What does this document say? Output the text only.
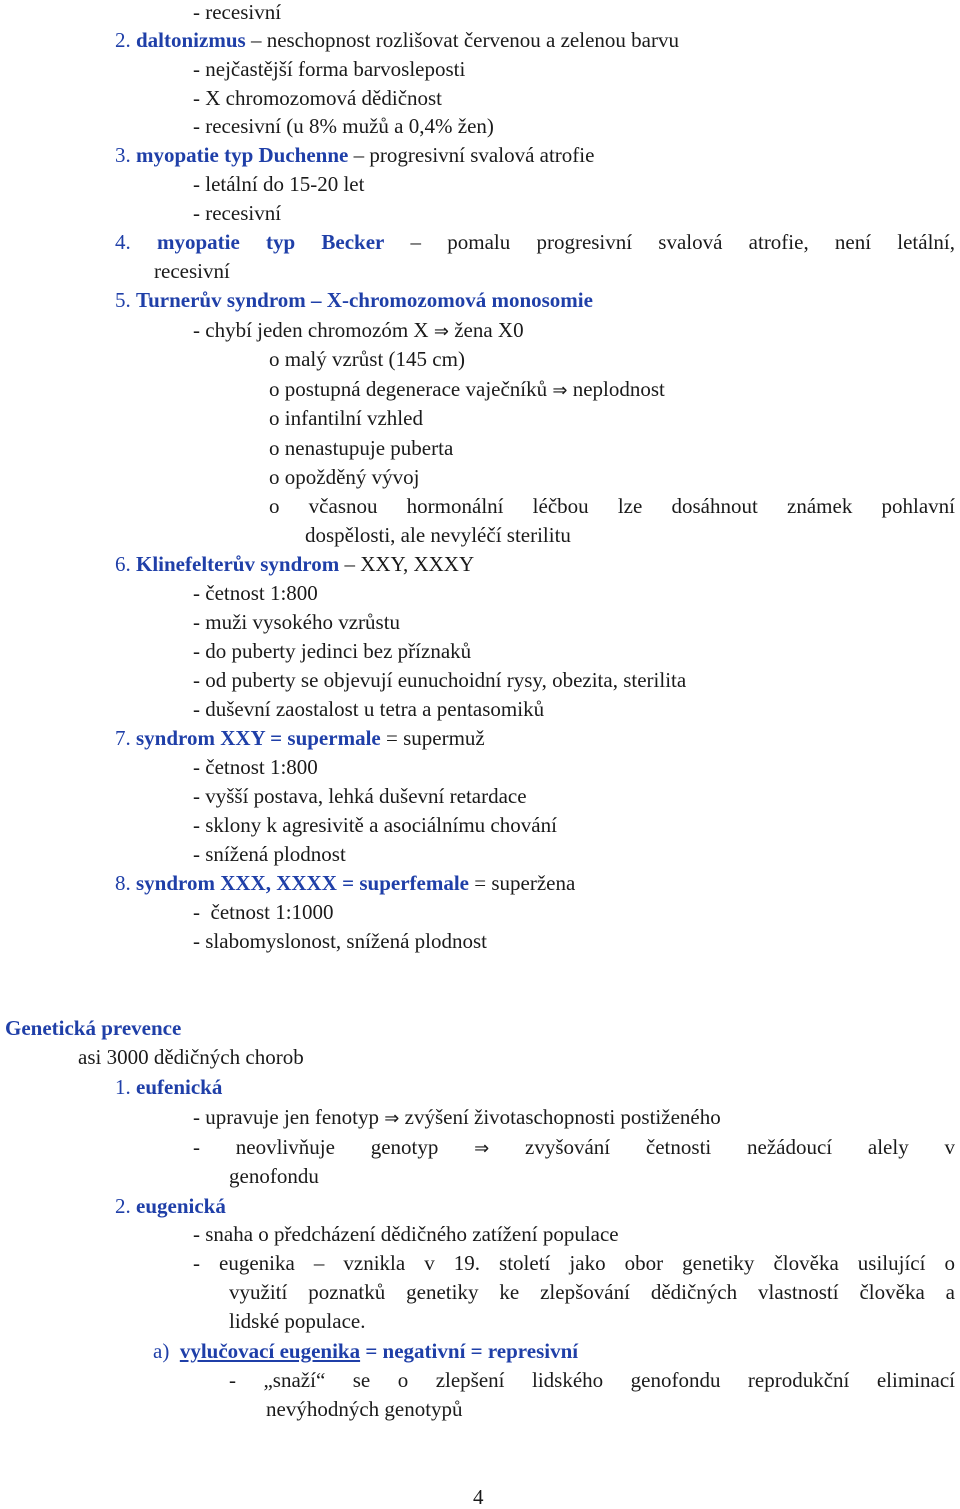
- recesivní
2. daltonizmus – neschopnost rozlišovat červenou a zelenou barvu
- nejčastější forma barvosleposti
- X chromozomová dědičnost
- recesivní (u 8% mužů a 0,4% žen)
3. myopatie typ Duchenne – progresivní svalová atrofie
- letální do 15-20 let
- recesivní
4. myopatie typ Becker – pomalu progresivní svalová atrofie, není letální,
recesivní
5. Turnerův syndrom – X-chromozomová monosomie
- chybí jeden chromozóm X ⇒ žena X0
o malý vzrůst (145 cm)
o postupná degenerace vaječníků ⇒ neplodnost
o infantilní vzhled
o nenastupuje puberta
o opožděný vývoj
o včasnou hormonální léčbou lze dosáhnout známek pohlavní
dospělosti, ale nevyléčí sterilitu
6. Klinefelterův syndrom – XXY, XXXY
- četnost 1:800
- muži vysokého vzrůstu
- do puberty jedinci bez příznaků
- od puberty se objevují eunuchoidní rysy, obezita, sterilita
- duševní zaostalost u tetra a pentasomiků
7. syndrom XXY = supermale = supermuž
- četnost 1:800
- vyšší postava, lehká duševní retardace
- sklony k agresivitě a asociálnímu chování
- snížená plodnost
8. syndrom XXX, XXXX = superfemale = superžena
-  četnost 1:1000
- slabomyslonost, snížená plodnost
Genetická prevence
asi 3000 dědičných chorob
1. eufenická
- upravuje jen fenotyp ⇒ zvýšení životaschopnosti postiženého
- neovlivňuje genotyp ⇒ zvyšování četnosti nežádoucí alely v
genofondu
2. eugenická
- snaha o předcházení dědičného zatížení populace
- eugenika – vznikla v 19. století jako obor genetiky člověka usilující o
využití poznatků genetiky ke zlepšování dědičných vlastností člověka a
lidské populace.
a) vylučovací eugenika = negativní = represivní
- „snaží“ se o zlepšení lidského genofondu reprodukční eliminací
nevýhodných genotypů
4
